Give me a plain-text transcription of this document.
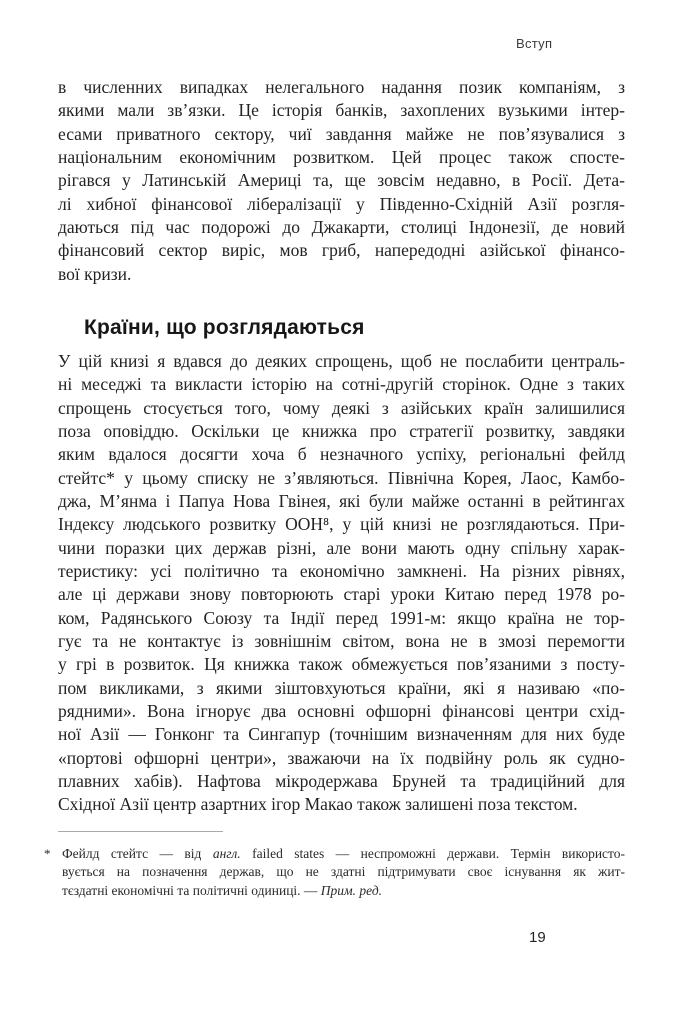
Вступ
в численних випадках нелегального надання позик компаніям, з
якими мали зв’язки. Це історія банків, захоплених вузькими інтер-
есами приватного сектору, чиї завдання майже не пов’язувалися з
національним економічним розвитком. Цей процес також спосте-
рігався у Латинській Америці та, ще зовсім недавно, в Росії. Дета-
лі хибної фінансової лібералізації у Південно-Східній Азії розгля-
даються під час подорожі до Джакарти, столиці Індонезії, де новий
фінансовий сектор виріс, мов гриб, напередодні азійської фінансо-
вої кризи.
Країни, що розглядаються
У цій книзі я вдався до деяких спрощень, щоб не послабити централь-
ні меседжі та викласти історію на сотні-другій сторінок. Одне з таких
спрощень стосується того, чому деякі з азійських країн залишилися
поза оповіддю. Оскільки це книжка про стратегії розвитку, завдяки
яким вдалося досягти хоча б незначного успіху, регіональні фейлд
стейтс* у цьому списку не з’являються. Північна Корея, Лаос, Камбо-
джа, М’янма і Папуа Нова Гвінея, які були майже останні в рейтингах
Індексу людського розвитку ООН⁸, у цій книзі не розглядаються. При-
чини поразки цих держав різні, але вони мають одну спільну харак-
теристику: усі політично та економічно замкнені. На різних рівнях,
але ці держави знову повторюють старі уроки Китаю перед 1978 ро-
ком, Радянського Союзу та Індії перед 1991-м: якщо країна не тор-
гує та не контактує із зовнішнім світом, вона не в змозі перемогти
у грі в розвиток. Ця книжка також обмежується пов’язаними з посту-
пом викликами, з якими зіштовхуються країни, які я називаю «по-
рядними». Вона ігнорує два основні офшорні фінансові центри схід-
ної Азії — Гонконг та Сингапур (точнішим визначенням для них буде
«портові офшорні центри», зважаючи на їх подвійну роль як судно-
плавних хабів). Нафтова мікродержава Бруней та традиційний для
Східної Азії центр азартних ігор Макао також залишені поза текстом.
* Фейлд стейтс — від англ. failed states — неспроможні держави. Термін використо-
вується на позначення держав, що не здатні підтримувати своє існування як жит-
тєздатні економічні та політичні одиниці. — Прим. ред.
19
